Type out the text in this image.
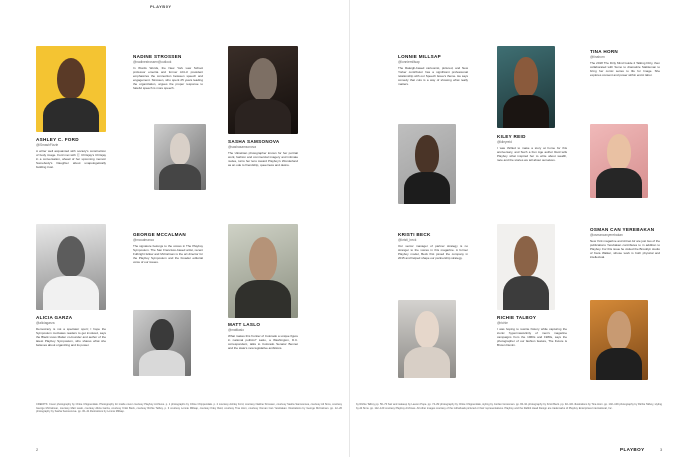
PLAYB0Y
ASHLEY C. FORD
@iSmashFizzle
A writer well acquainted with society's construction of body image. Ford met with Ⓒ Chrisjay's Chrisjay in a conversation, ahead of her upcoming memoir Somebody's Daughter about unapologetically building trust.
NADINE STROSSEN
@nadinestrossen@outlook
In Words Words, the New York Law School professor emerita and former ACLU president emphasizes the connection between speech and engagement. Strossen, who spent 25 years leading the organization, argues the proper response to hateful speech is more speech.
SASHA SAMSONOVA
@sashasamsonova
The Ukrainian photographer known for her portrait work, fashion and commercial imagery and intimate nudes, turns her lens toward Playboy's Wonderland as an ode to friendship, queerness and desire.
LONNIE MILLSAP
@lonniemillsap
The Raleigh-based cartoonist, pictured, and New Yorker contributor has a significant professional relationship with our Speech Issue's theme. He says comedy that cuts is a way of showing what really matters.
KILEY REID
@kileyreid
I was thrilled to make a story at home for this anniversary, and Such a Fun Age author Reid tells Playboy what inspired her to write about wealth, race and the stories we tell about ourselves.
TINA HORN
@tinahorn
The 2018 The Dirty Mind Guide 2 Talking Dirty, then collaborated with Sumo to dramatize Stableman to bring her comic series to life for Image. She explores consent and power within erotic labor.
ALICIA GARZA
@aliciagarza
Democracy is not a spectator sport; I hope the Symposium motivates readers to get involved, says the Black Lives Matter co-founder and author of the latest Playboy Symposium, who shares what she believes about organizing and its power.
GEORGE MCCALMAN
@mccalmanco
The signature belongs to the voices in The Playboy Symposium. The San Francisco-based artist, recent Fulbright fellow and McCalman is the art director for the Playboy Symposium and the broader editorial voice of our issues.
MATT LASLO
@mattlaslo
What makes this frontier of Colorado a unique figure in national politics? Laslo, a Washington, D.C. correspondent, talks to Colorado Senator Bennet and the state's new legislative ambitions.
KRISTI BECK
@kristi_beck
Our senior manager of partner strategy is no stranger to the voices in this magazine. A former Playboy model, Beck first joined the company in 2015 and helped shape our partnership strategy.
RICHIE TALBOY
@richie
I was hoping to rewrite history while capturing the iconic hypermasculinity of men's magazine campaigns from the 1960s and 1980s, says the photographer of our fashion feature, The Future is Brown Denim.
OSMAN CAN YEREBAKAN
@osmancanyerebakan
New York magazine and Artnet Air are just two of the publications Yerebakan contributes to in addition to Playboy. For this issue he visited the Brooklyn studio of Kara Walker, whose work is both physical and intellectual.
CREDITS: Cover photography by Chloe Chippendale. Photography for inside cover courtesy Playboy Archives. p. 1 photographs by Chloe Chippendale. p. 2 courtesy Ashley Ford, courtesy Nadine Strossen, courtesy Sasha Samsonova, courtesy Ali Sims, courtesy George McCalman, courtesy Matt Laslo, courtesy Alicia Garza, courtesy Kristi Beck, courtesy Richie Talboy. p. 3 courtesy Lonnie Millsap, courtesy Kiley Reid, courtesy Tina Horn, courtesy Osman Can Yerebakan. Illustrations by George McCalman. pp. 12–26 photography by Sasha Samsonova. pp. 30–41 illustrations by Lonnie Millsap.
by Richie Talboy pp. 56–70 hair and makeup by Lauren Pope. pp. 74–82 photography by Chloe Chippendale, styling by Jordan Grossman. pp. 84–91 photography by Kristi Beck. pp. 92–101 illustrations by Tina Horn. pp. 102–109 photography by Richie Talboy, styling by Ali Sims. pp. 112–120 courtesy Playboy Archives. All other images courtesy of the individuals pictured or their representatives. Playboy and the Rabbit Head Design are trademarks of Playboy Enterprises International, Inc.
2	PLAYBOY	3
